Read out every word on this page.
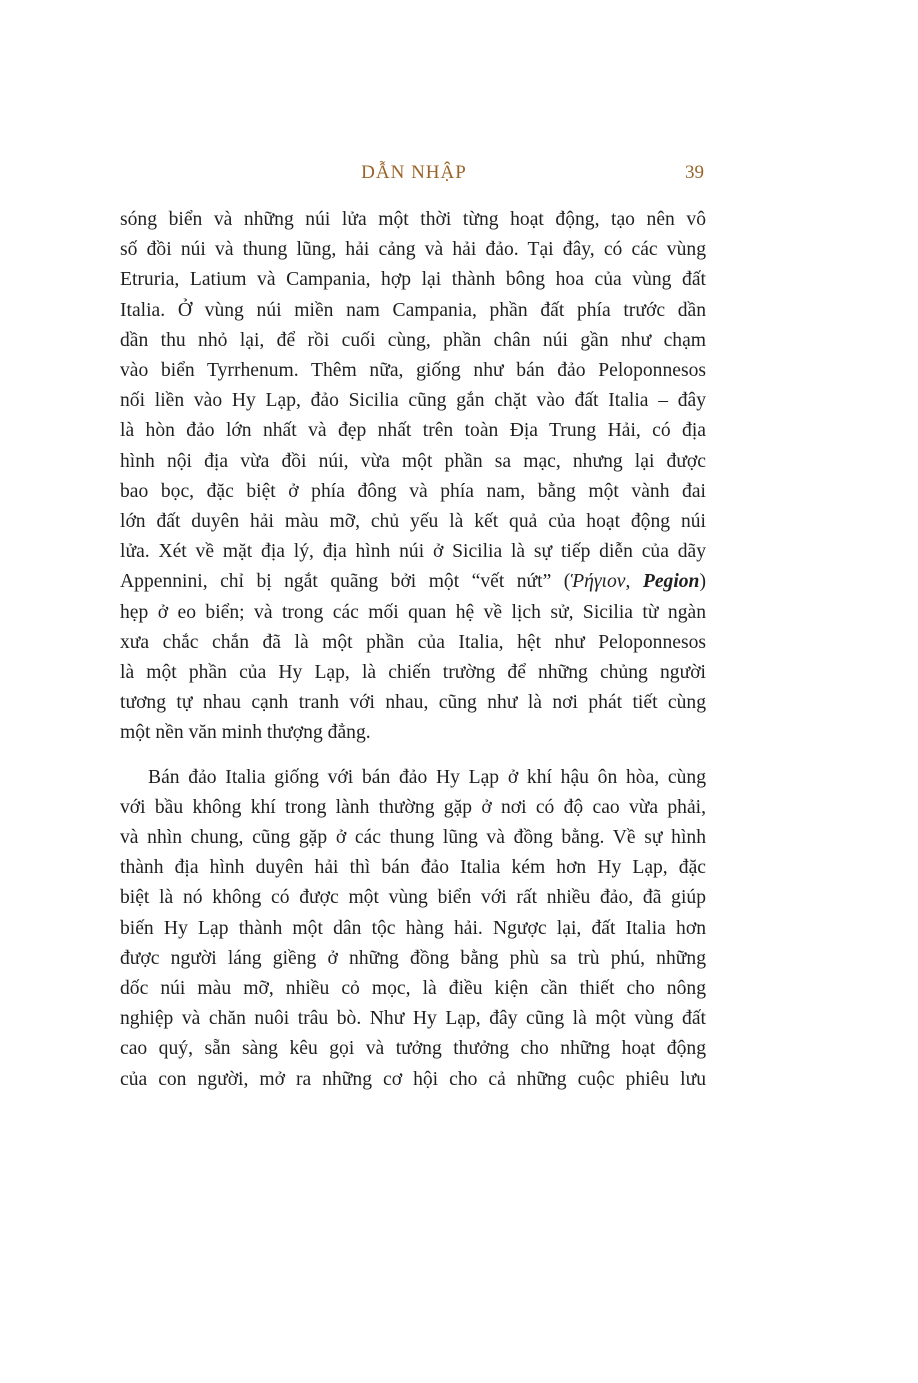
DẪN NHẬP	39

sóng biển và những núi lửa một thời từng hoạt động, tạo nên vô

số đồi núi và thung lũng, hải cảng và hải đảo. Tại đây, có các vùng

Etruria, Latium và Campania, hợp lại thành bông hoa của vùng đất

Italia. Ở vùng núi miền nam Campania, phần đất phía trước dần

dần thu nhỏ lại, để rồi cuối cùng, phần chân núi gần như chạm

vào biển Tyrrhenum. Thêm nữa, giống như bán đảo Peloponnesos

nối liền vào Hy Lạp, đảo Sicilia cũng gắn chặt vào đất Italia – đây

là hòn đảo lớn nhất và đẹp nhất trên toàn Địa Trung Hải, có địa

hình nội địa vừa đồi núi, vừa một phần sa mạc, nhưng lại được

bao bọc, đặc biệt ở phía đông và phía nam, bằng một vành đai

lớn đất duyên hải màu mỡ, chủ yếu là kết quả của hoạt động núi

lửa. Xét về mặt địa lý, địa hình núi ở Sicilia là sự tiếp diễn của dãy

Appennini, chỉ bị ngắt quãng bởi một “vết nứt” (Ῥήγιον, Pegion)

hẹp ở eo biển; và trong các mối quan hệ về lịch sử, Sicilia từ ngàn

xưa chắc chắn đã là một phần của Italia, hệt như Peloponnesos

là một phần của Hy Lạp, là chiến trường để những chủng người

tương tự nhau cạnh tranh với nhau, cũng như là nơi phát tiết cùng

một nền văn minh thượng đẳng.

Bán đảo Italia giống với bán đảo Hy Lạp ở khí hậu ôn hòa, cùng

với bầu không khí trong lành thường gặp ở nơi có độ cao vừa phải,

và nhìn chung, cũng gặp ở các thung lũng và đồng bằng. Về sự hình

thành địa hình duyên hải thì bán đảo Italia kém hơn Hy Lạp, đặc

biệt là nó không có được một vùng biển với rất nhiều đảo, đã giúp

biến Hy Lạp thành một dân tộc hàng hải. Ngược lại, đất Italia hơn

được người láng giềng ở những đồng bằng phù sa trù phú, những

dốc núi màu mỡ, nhiều cỏ mọc, là điều kiện cần thiết cho nông

nghiệp và chăn nuôi trâu bò. Như Hy Lạp, đây cũng là một vùng đất

cao quý, sẵn sàng kêu gọi và tưởng thưởng cho những hoạt động

của con người, mở ra những cơ hội cho cả những cuộc phiêu lưu
